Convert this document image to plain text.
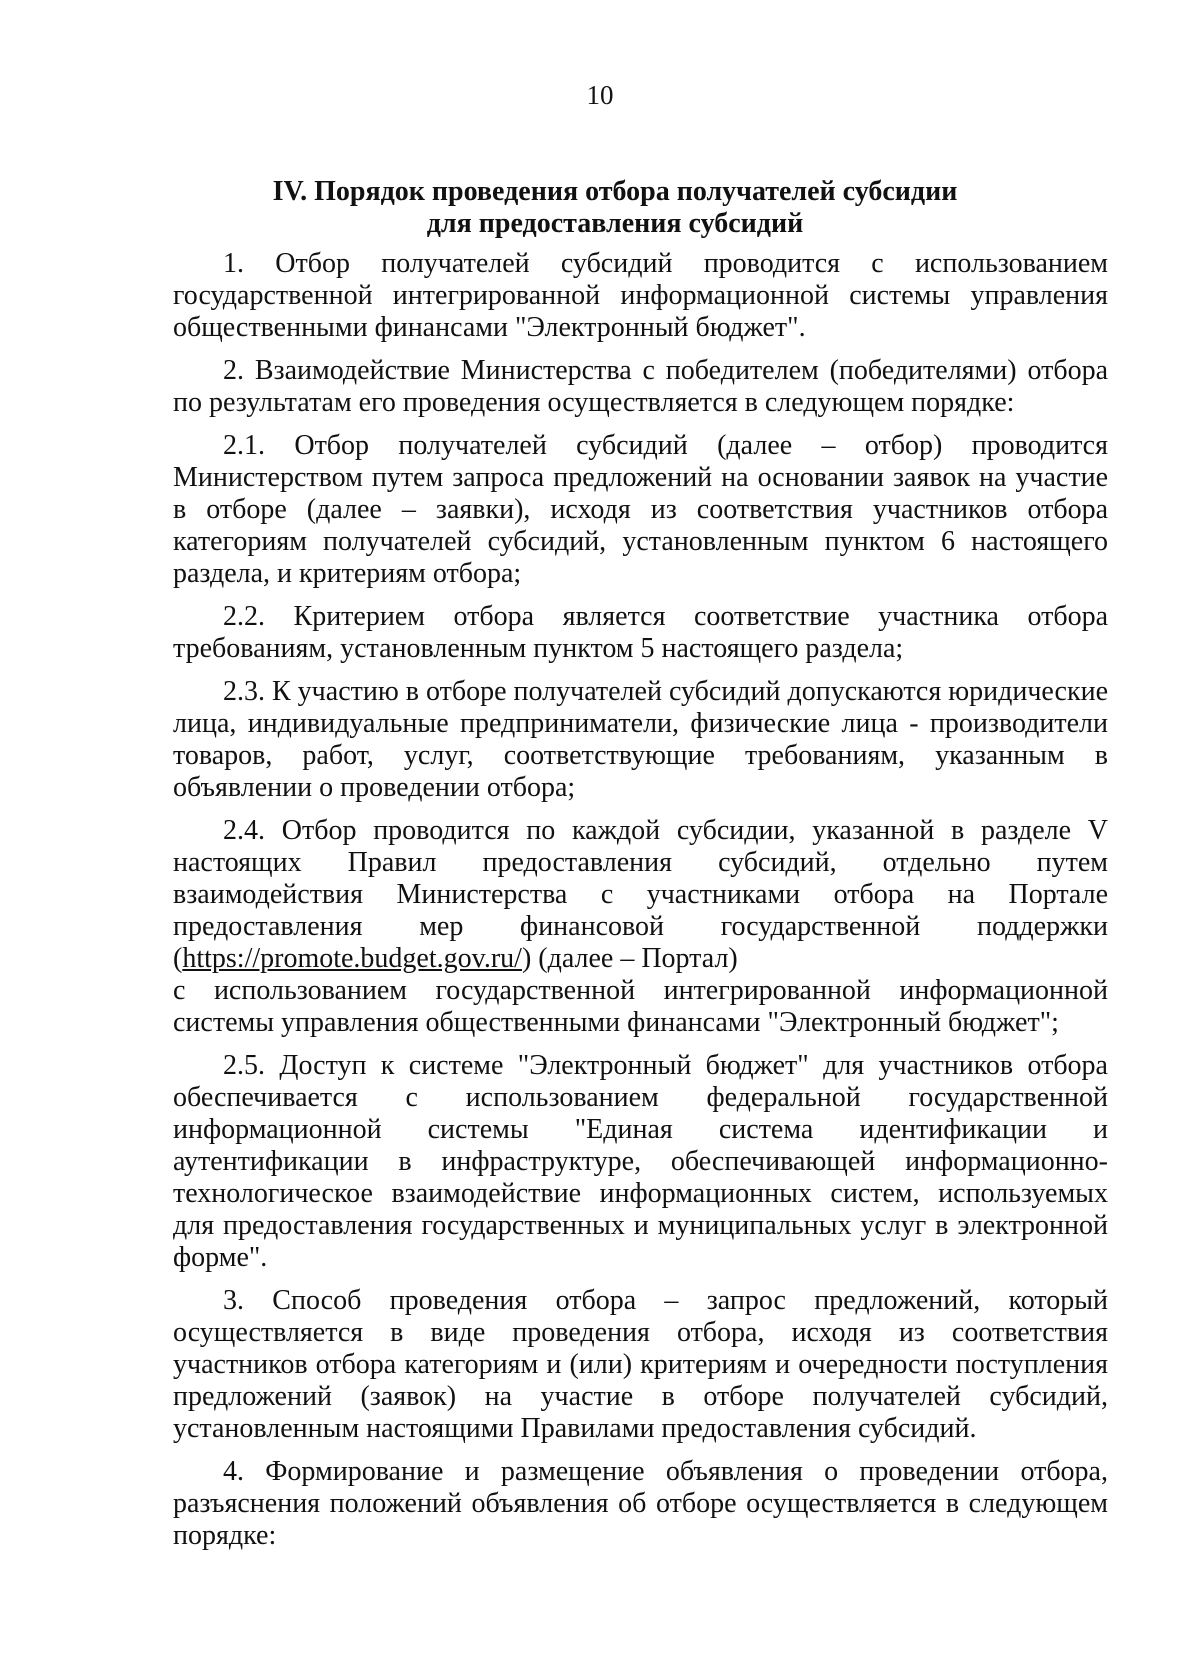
10
IV. Порядок проведения отбора получателей субсидии
для предоставления субсидий

1. Отбор получателей субсидий проводится с использованием государственной интегрированной информационной системы управления общественными финансами "Электронный бюджет".

2. Взаимодействие Министерства с победителем (победителями) отбора по результатам его проведения осуществляется в следующем порядке:

2.1. Отбор получателей субсидий (далее – отбор) проводится Министерством путем запроса предложений на основании заявок на участие в отборе (далее – заявки), исходя из соответствия участников отбора категориям получателей субсидий, установленным пунктом 6 настоящего раздела, и критериям отбора;

2.2. Критерием отбора является соответствие участника отбора требованиям, установленным пунктом 5 настоящего раздела;

2.3. К участию в отборе получателей субсидий допускаются юридические лица, индивидуальные предприниматели, физические лица - производители товаров, работ, услуг, соответствующие требованиям, указанным в объявлении о проведении отбора;

2.4. Отбор проводится по каждой субсидии, указанной в разделе V настоящих Правил предоставления субсидий, отдельно путем взаимодействия Министерства с участниками отбора на Портале предоставления мер финансовой государственной поддержки (https://promote.budget.gov.ru/) (далее – Портал)

с использованием государственной интегрированной информационной системы управления общественными финансами "Электронный бюджет";

2.5. Доступ к системе "Электронный бюджет" для участников отбора обеспечивается с использованием федеральной государственной информационной системы "Единая система идентификации и аутентификации в инфраструктуре, обеспечивающей информационно-технологическое взаимодействие информационных систем, используемых для предоставления государственных и муниципальных услуг в электронной форме".

3. Способ проведения отбора – запрос предложений, который осуществляется в виде проведения отбора, исходя из соответствия участников отбора категориям и (или) критериям и очередности поступления предложений (заявок) на участие в отборе получателей субсидий, установленным настоящими Правилами предоставления субсидий.

4. Формирование и размещение объявления о проведении отбора, разъяснения положений объявления об отборе осуществляется в следующем порядке:
